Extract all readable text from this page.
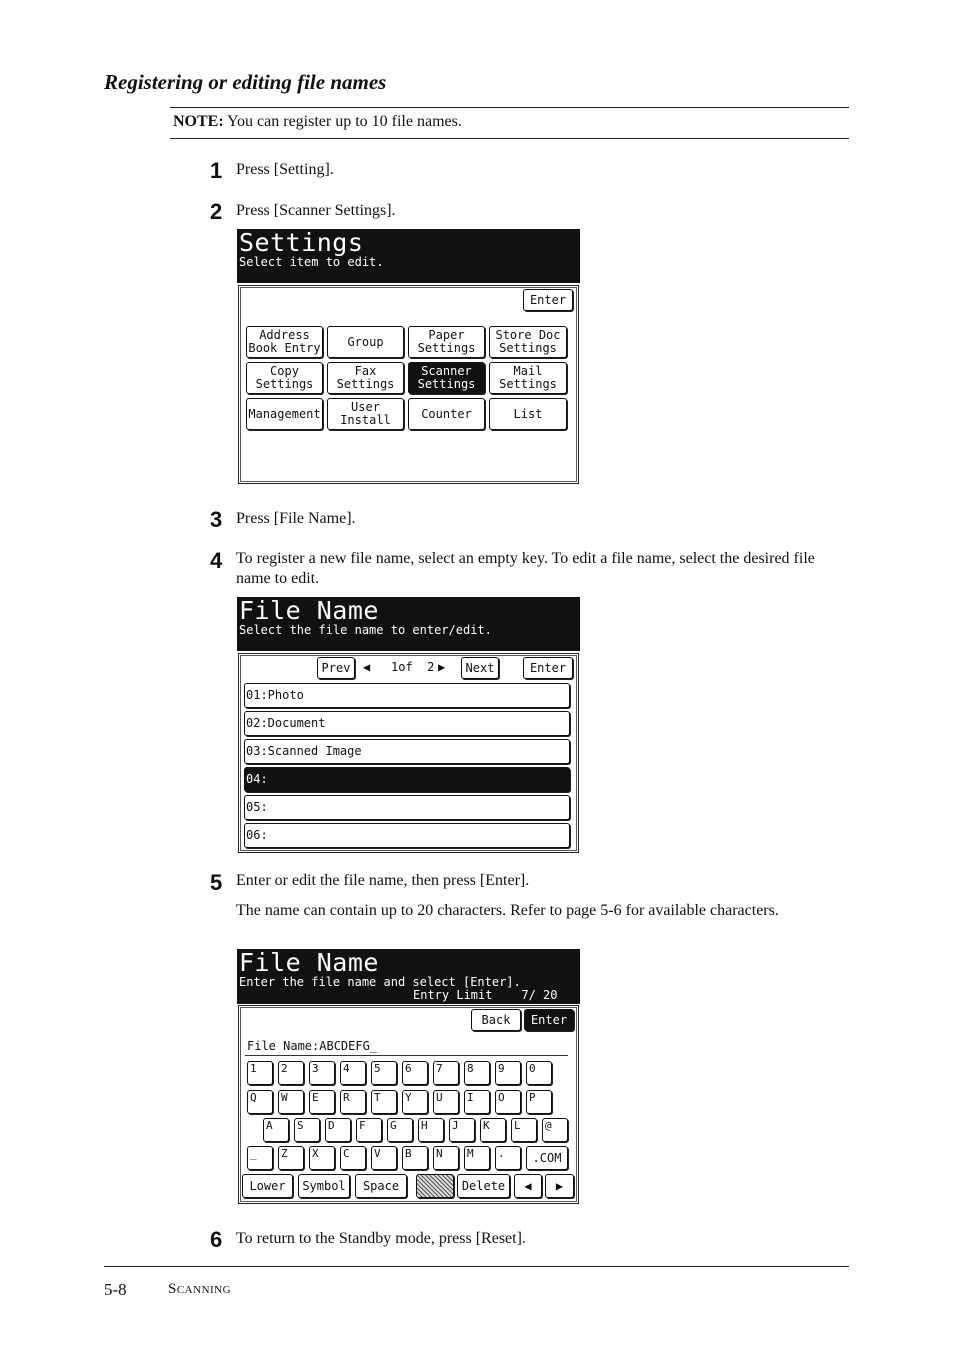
Registering or editing file names
NOTE: You can register up to 10 file names.
1 Press [Setting].
2 Press [Scanner Settings].
Settings
Select item to edit.
Enter
Address
Book Entry	Group	Paper
Settings
Store Doc
Settings
Copy
Settings
Fax
Settings
Scanner
Settings
Mail
Settings
Management	User
Install	Counter	List
3 Press [File Name].
4 To register a new file name, select an empty key. To edit a file name, select the desired file name to edit.
File Name
Select the file name to enter/edit.
Prev	◀ 1of  2 ▶	Next	Enter
01:Photo
02:Document
03:Scanned Image
04:
05:
06:
5 Enter or edit the file name, then press [Enter].
The name can contain up to 20 characters. Refer to page 5-6 for available characters.
File Name
Enter the file name and select [Enter].
Entry Limit    7/ 20
Back	Enter
File Name:ABCDEFG_
1	2	3	4	5	6	7	8	9	0
Q	W	E	R	T	Y	U	I	O	P
A	S	D	F	G	H	J	K	L	@
_	Z	X	C	V	B	N	M	.	.COM
Lower	Symbol	Space	Delete	◀	▶
6 To return to the Standby mode, press [Reset].
5-8	Scanning
